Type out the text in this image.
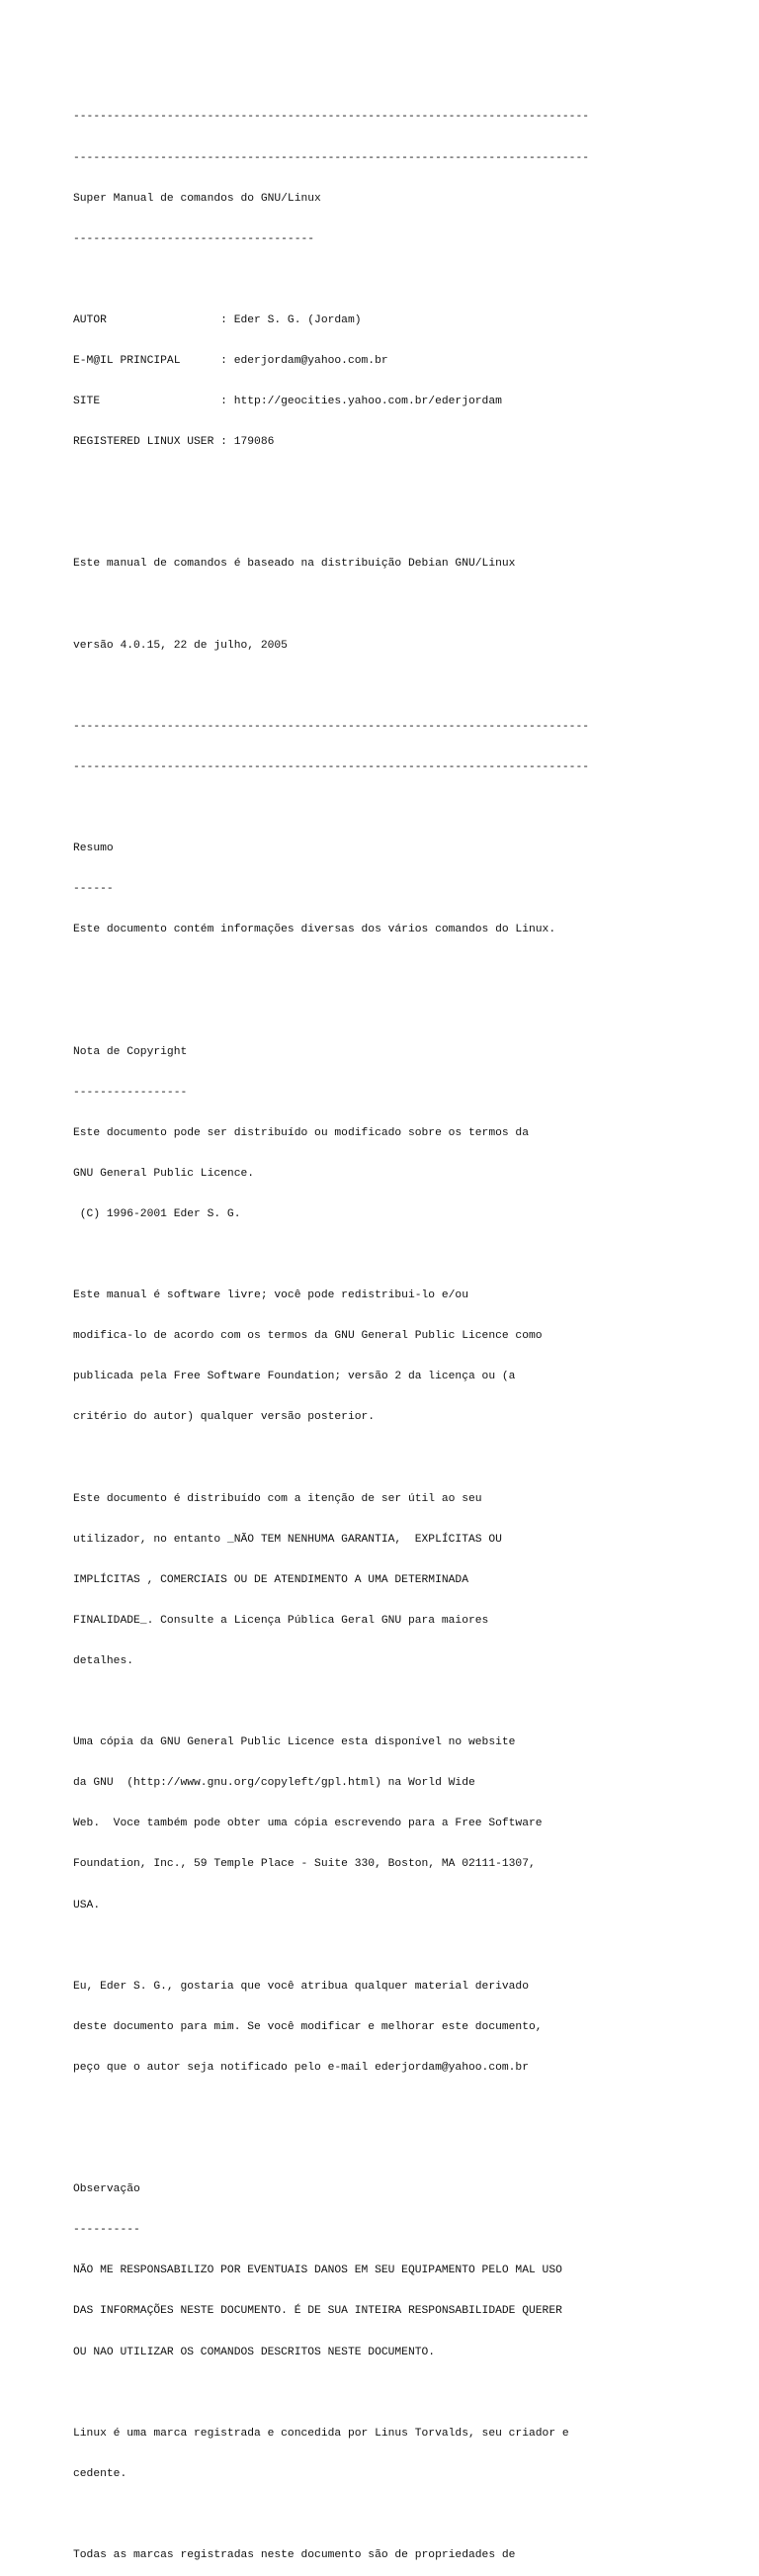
-----------------------------------------------------------------------------

-----------------------------------------------------------------------------

Super Manual de comandos do GNU/Linux

------------------------------------

AUTOR                 : Eder S. G. (Jordam)

E-M@IL PRINCIPAL      : ederjordam@yahoo.com.br

SITE                  : http://geocities.yahoo.com.br/ederjordam

REGISTERED LINUX USER : 179086

Este manual de comandos é baseado na distribuição Debian GNU/Linux

versão 4.0.15, 22 de julho, 2005

-----------------------------------------------------------------------------

-----------------------------------------------------------------------------

Resumo

------

Este documento contém informações diversas dos vários comandos do Linux.

Nota de Copyright

-----------------

Este documento pode ser distribuído ou modificado sobre os termos da

GNU General Public Licence.

(C) 1996-2001 Eder S. G.

Este manual é software livre; você pode redistribui-lo e/ou

modifica-lo de acordo com os termos da GNU General Public Licence como

publicada pela Free Software Foundation; versão 2 da licença ou (a

critério do autor) qualquer versão posterior.

Este documento é distribuído com a itenção de ser útil ao seu

utilizador, no entanto _NÃO TEM NENHUMA GARANTIA,  EXPLÍCITAS OU

IMPLÍCITAS , COMERCIAIS OU DE ATENDIMENTO A UMA DETERMINADA

FINALIDADE_. Consulte a Licença Pública Geral GNU para maiores

detalhes.

Uma cópia da GNU General Public Licence esta disponível no website

da GNU  (http://www.gnu.org/copyleft/gpl.html) na World Wide

Web.  Voce também pode obter uma cópia escrevendo para a Free Software

Foundation, Inc., 59 Temple Place - Suite 330, Boston, MA 02111-1307,

USA.

Eu, Eder S. G., gostaria que você atribua qualquer material derivado

deste documento para mim. Se você modificar e melhorar este documento,

peço que o autor seja notificado pelo e-mail ederjordam@yahoo.com.br

Observação

----------

NÃO ME RESPONSABILIZO POR EVENTUAIS DANOS EM SEU EQUIPAMENTO PELO MAL USO

DAS INFORMAÇÕES NESTE DOCUMENTO. É DE SUA INTEIRA RESPONSABILIDADE QUERER

OU NAO UTILIZAR OS COMANDOS DESCRITOS NESTE DOCUMENTO.

Linux é uma marca registrada e concedida por Linus Torvalds, seu criador e

cedente.

Todas as marcas registradas neste documento são de propriedades de
